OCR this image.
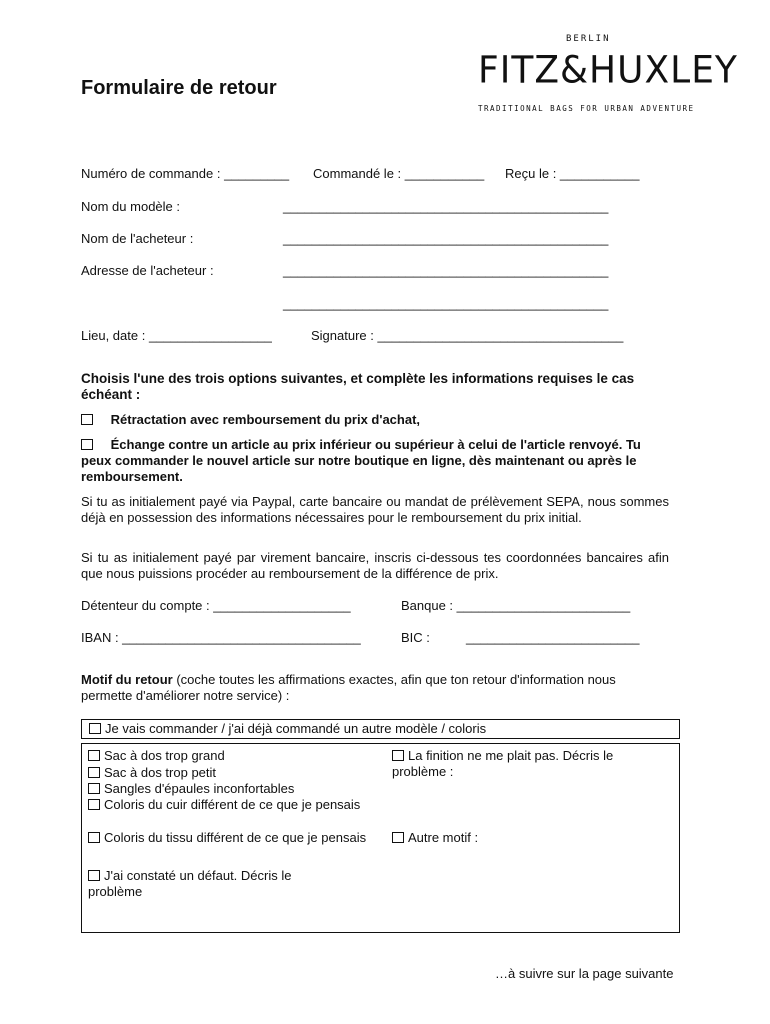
BERLIN
FITZ&HUXLEY
TRADITIONAL BAGS FOR URBAN ADVENTURE
Formulaire de retour
Numéro de commande : _________ Commandé le : ___________ Reçu le : ___________
Nom du modèle :	_____________________________________________
Nom de l'acheteur :	_____________________________________________
Adresse de l'acheteur :	_____________________________________________
_____________________________________________
Lieu, date : _________________	Signature : __________________________________
Choisis l'une des trois options suivantes, et complète les informations requises le cas échéant :
Rétractation avec remboursement du prix d'achat,
Échange contre un article au prix inférieur ou supérieur à celui de l'article renvoyé. Tu peux commander le nouvel article sur notre boutique en ligne, dès maintenant ou après le remboursement.
Si tu as initialement payé via Paypal, carte bancaire ou mandat de prélèvement SEPA, nous sommes déjà en possession des informations nécessaires pour le remboursement du prix initial.
Si tu as initialement payé par virement bancaire, inscris ci-dessous tes coordonnées bancaires afin que nous puissions procéder au remboursement de la différence de prix.
Détenteur du compte : ___________________	Banque : ________________________
IBAN : _________________________________	BIC :	________________________
Motif du retour (coche toutes les affirmations exactes, afin que ton retour d'information nous permette d'améliorer notre service) :
Je vais commander / j'ai déjà commandé un autre modèle / coloris
Sac à dos trop grand
Sac à dos trop petit
Sangles d'épaules inconfortables
Coloris du cuir différent de ce que je pensais
Coloris du tissu différent de ce que je pensais
J'ai constaté un défaut. Décris le problème
La finition ne me plait pas. Décris le problème :
Autre motif :
…à suivre sur la page suivante
